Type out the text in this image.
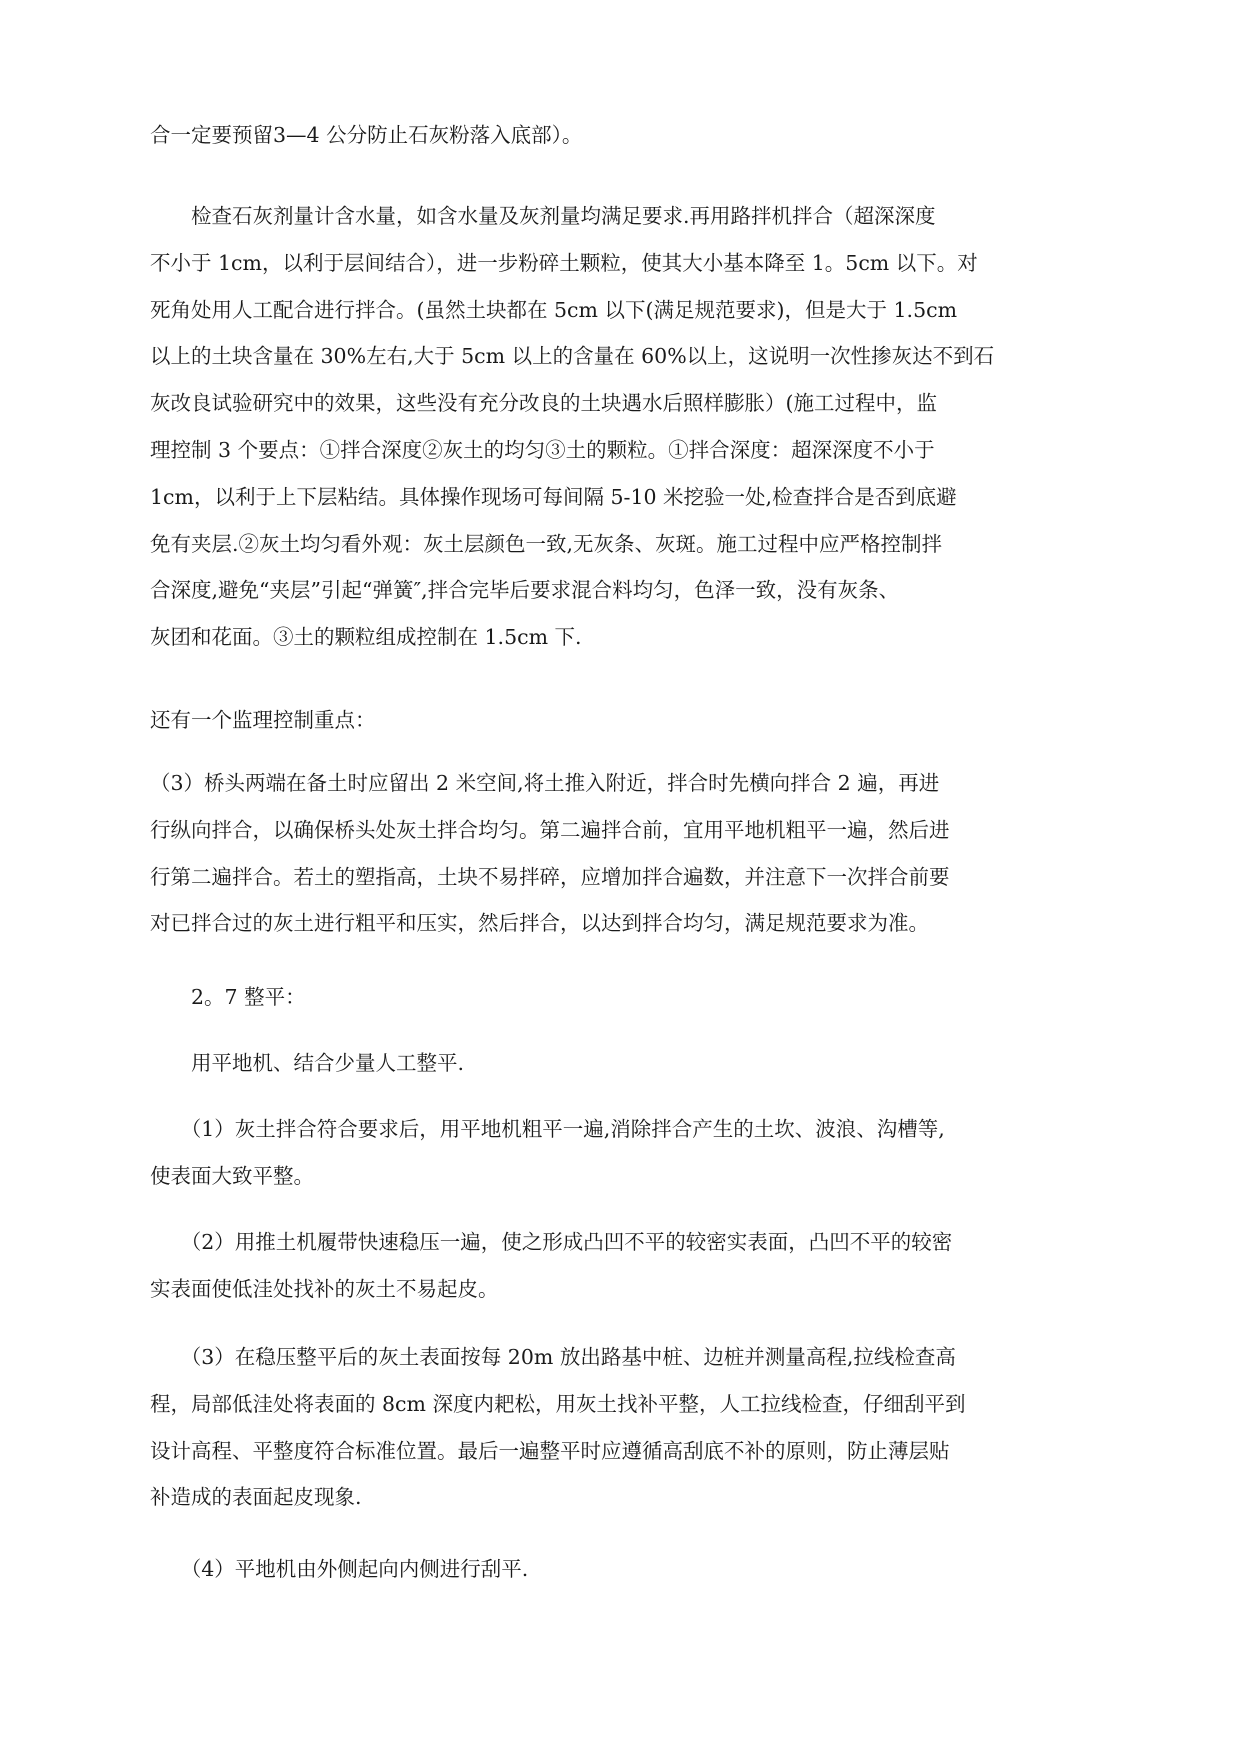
合一定要预留3—4 公分防止石灰粉落入底部）。

　　检查石灰剂量计含水量，如含水量及灰剂量均满足要求.再用路拌机拌合（超深深度
不小于 1cm，以利于层间结合），进一步粉碎土颗粒，使其大小基本降至 1。5cm 以下。对
死角处用人工配合进行拌合。(虽然土块都在 5cm 以下(满足规范要求)，但是大于 1.5cm
以上的土块含量在 30%左右,大于 5cm 以上的含量在 60%以上，这说明一次性掺灰达不到石
灰改良试验研究中的效果，这些没有充分改良的土块遇水后照样膨胀）(施工过程中，监
理控制 3 个要点：①拌合深度②灰土的均匀③土的颗粒。①拌合深度：超深深度不小于
1cm，以利于上下层粘结。具体操作现场可每间隔 5-10 米挖验一处,检查拌合是否到底避
免有夹层.②灰土均匀看外观：灰土层颜色一致,无灰条、灰斑。施工过程中应严格控制拌
合深度,避免“夹层”引起“弹簧″,拌合完毕后要求混合料均匀，色泽一致，没有灰条、
灰团和花面。③土的颗粒组成控制在 1.5cm 下.

还有一个监理控制重点：

（3）桥头两端在备土时应留出 2 米空间,将土推入附近，拌合时先横向拌合 2 遍，再进
行纵向拌合，以确保桥头处灰土拌合均匀。第二遍拌合前，宜用平地机粗平一遍，然后进
行第二遍拌合。若土的塑指高，土块不易拌碎，应增加拌合遍数，并注意下一次拌合前要
对已拌合过的灰土进行粗平和压实，然后拌合，以达到拌合均匀，满足规范要求为准。

　　2。7 整平：

　　用平地机、结合少量人工整平.

　　（1）灰土拌合符合要求后，用平地机粗平一遍,消除拌合产生的土坎、波浪、沟槽等,
使表面大致平整。

　　（2）用推土机履带快速稳压一遍，使之形成凸凹不平的较密实表面，凸凹不平的较密
实表面使低洼处找补的灰土不易起皮。

　　（3）在稳压整平后的灰土表面按每 20m 放出路基中桩、边桩并测量高程,拉线检查高
程，局部低洼处将表面的 8cm 深度内耙松，用灰土找补平整，人工拉线检查，仔细刮平到
设计高程、平整度符合标准位置。最后一遍整平时应遵循高刮底不补的原则，防止薄层贴
补造成的表面起皮现象.

　　（4）平地机由外侧起向内侧进行刮平.
